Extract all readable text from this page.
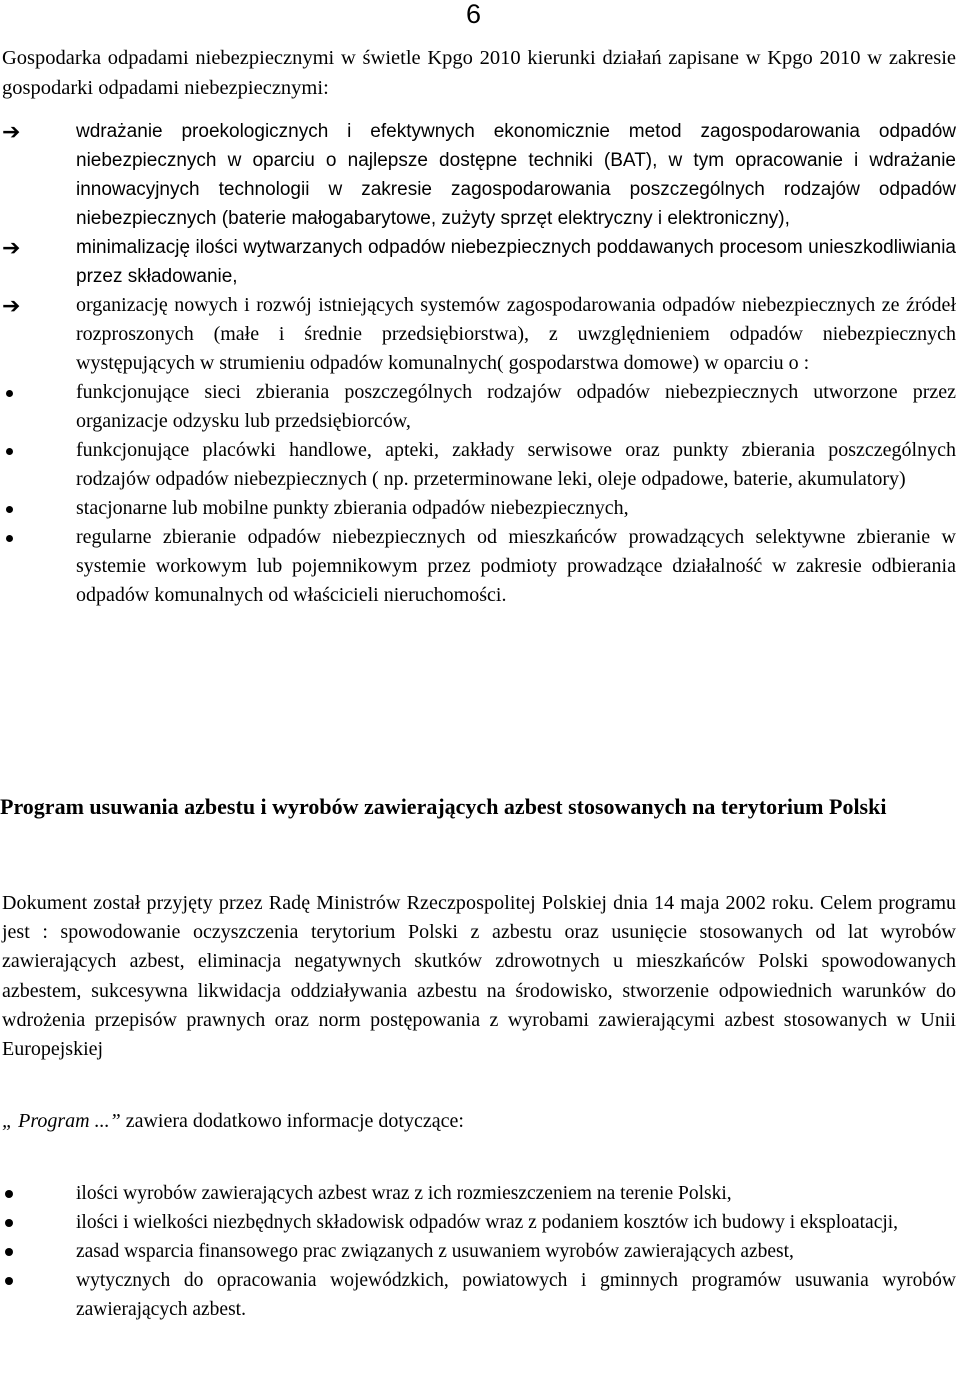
6

Gospodarka odpadami niebezpiecznymi w świetle Kpgo 2010 kierunki działań zapisane w Kpgo 2010 w zakresie gospodarki odpadami niebezpiecznymi:

➔	wdrażanie proekologicznych i efektywnych ekonomicznie metod zagospodarowania odpadów niebezpiecznych w oparciu o najlepsze dostępne techniki (BAT), w tym opracowanie i wdrażanie innowacyjnych technologii w zakresie zagospodarowania poszczególnych rodzajów odpadów niebezpiecznych (baterie małogabarytowe, zużyty sprzęt elektryczny i elektroniczny),
➔	minimalizację ilości wytwarzanych odpadów niebezpiecznych poddawanych procesom unieszkodliwiania przez składowanie,
➔	organizację nowych i rozwój istniejących systemów zagospodarowania odpadów niebezpiecznych ze źródeł rozproszonych (małe i średnie przedsiębiorstwa), z uwzględnieniem odpadów niebezpiecznych występujących w strumieniu odpadów komunalnych( gospodarstwa domowe) w oparciu o :
funkcjonujące sieci zbierania poszczególnych rodzajów odpadów niebezpiecznych utworzone przez organizacje odzysku lub przedsiębiorców,
funkcjonujące placówki handlowe, apteki, zakłady serwisowe oraz punkty zbierania poszczególnych rodzajów odpadów niebezpiecznych ( np. przeterminowane leki, oleje odpadowe, baterie, akumulatory)
stacjonarne lub mobilne punkty zbierania odpadów niebezpiecznych,
regularne zbieranie odpadów niebezpiecznych od mieszkańców prowadzących selektywne zbieranie w systemie workowym lub pojemnikowym przez podmioty prowadzące działalność w zakresie odbierania odpadów komunalnych od właścicieli nieruchomości.
Program usuwania azbestu i wyrobów zawierających azbest stosowanych na terytorium Polski

Dokument został przyjęty przez Radę Ministrów Rzeczpospolitej Polskiej dnia 14 maja 2002 roku. Celem programu jest : spowodowanie oczyszczenia terytorium Polski z azbestu oraz usunięcie stosowanych od lat wyrobów zawierających azbest, eliminacja negatywnych skutków zdrowotnych u mieszkańców Polski spowodowanych azbestem, sukcesywna likwidacja oddziaływania azbestu na środowisko, stworzenie odpowiednich warunków do wdrożenia przepisów prawnych oraz norm postępowania z wyrobami zawierającymi azbest stosowanych w Unii Europejskiej

„ Program ...” zawiera dodatkowo informacje dotyczące:

ilości wyrobów zawierających azbest wraz z ich rozmieszczeniem na terenie Polski,
ilości i wielkości niezbędnych składowisk odpadów wraz z podaniem kosztów ich budowy i eksploatacji,
zasad wsparcia finansowego prac związanych z usuwaniem wyrobów zawierających azbest,
wytycznych do opracowania wojewódzkich, powiatowych i gminnych programów usuwania wyrobów zawierających azbest.
